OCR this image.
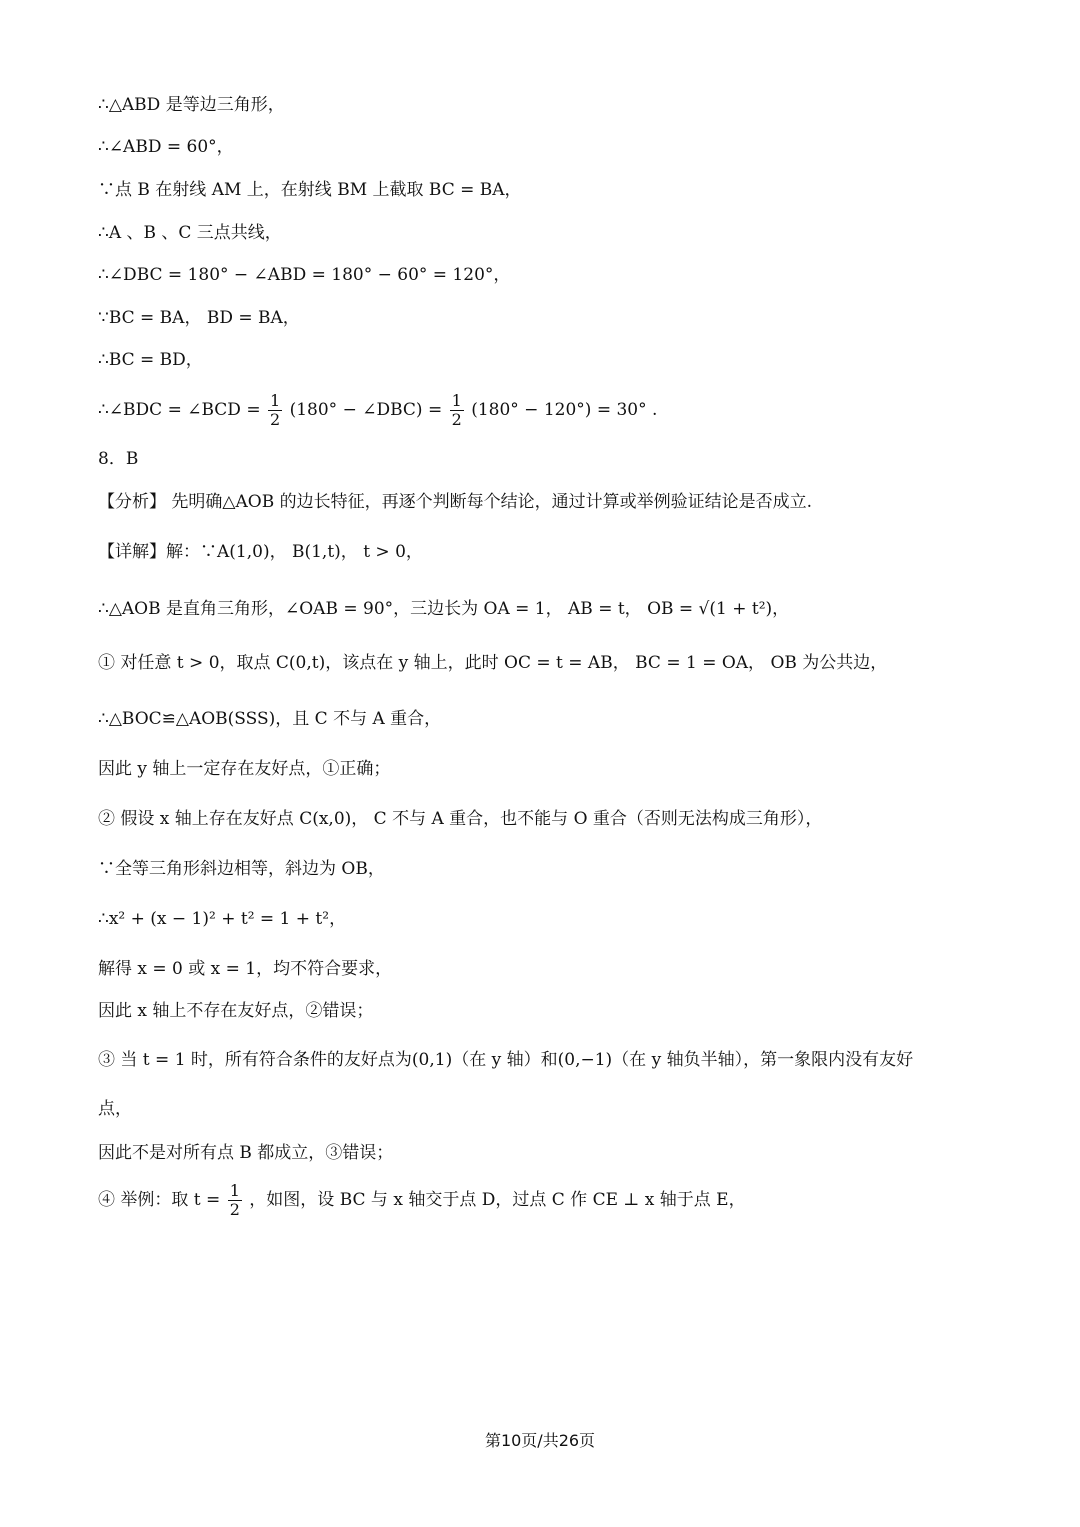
∴△ABD 是等边三角形，
∴∠ABD = 60°，
∵点 B 在射线 AM 上，在射线 BM 上截取 BC = BA，
∴A 、B 、C 三点共线，
∴∠DBC = 180° − ∠ABD = 180° − 60° = 120°，
∵BC = BA， BD = BA，
∴BC = BD，
∴∠BDC = ∠BCD = $\frac{1}{2} (180^\circ$ − ∠DBC) = $\frac{1}{2} (180^\circ - 120^\circ) = 30^\circ$ .
8．B
【分析】 先明确△AOB 的边长特征，再逐个判断每个结论，通过计算或举例验证结论是否成立.
【详解】解：∵A(1,0)， B(1,t)， t > 0，
∴△AOB 是直角三角形，∠OAB = 90°，三边长为 OA = 1， AB = t， OB = √(1 + t²)，
① 对任意 t > 0，取点 C(0,t)，该点在 y 轴上，此时 OC = t = AB， BC = 1 = OA， OB 为公共边，
∴△BOC≌△AOB(SSS)，且 C 不与 A 重合，
因此 y 轴上一定存在友好点，①正确；
② 假设 x 轴上存在友好点 C(x,0)， C 不与 A 重合，也不能与 O 重合（否则无法构成三角形），
∵全等三角形斜边相等，斜边为 OB，
∴x² + (x − 1)² + t² = 1 + t²，
解得 x = 0 或 x = 1，均不符合要求，
因此 x 轴上不存在友好点，②错误；
③ 当 t = 1 时，所有符合条件的友好点为(0,1)（在 y 轴）和(0,−1)（在 y 轴负半轴），第一象限内没有友好
点，
因此不是对所有点 B 都成立，③错误；
④ 举例：取 $t = \frac{1}{2}$ ，如图，设 BC 与 x 轴交于点 D，过点 C 作 CE ⊥ x 轴于点 E，
第10页/共26页
